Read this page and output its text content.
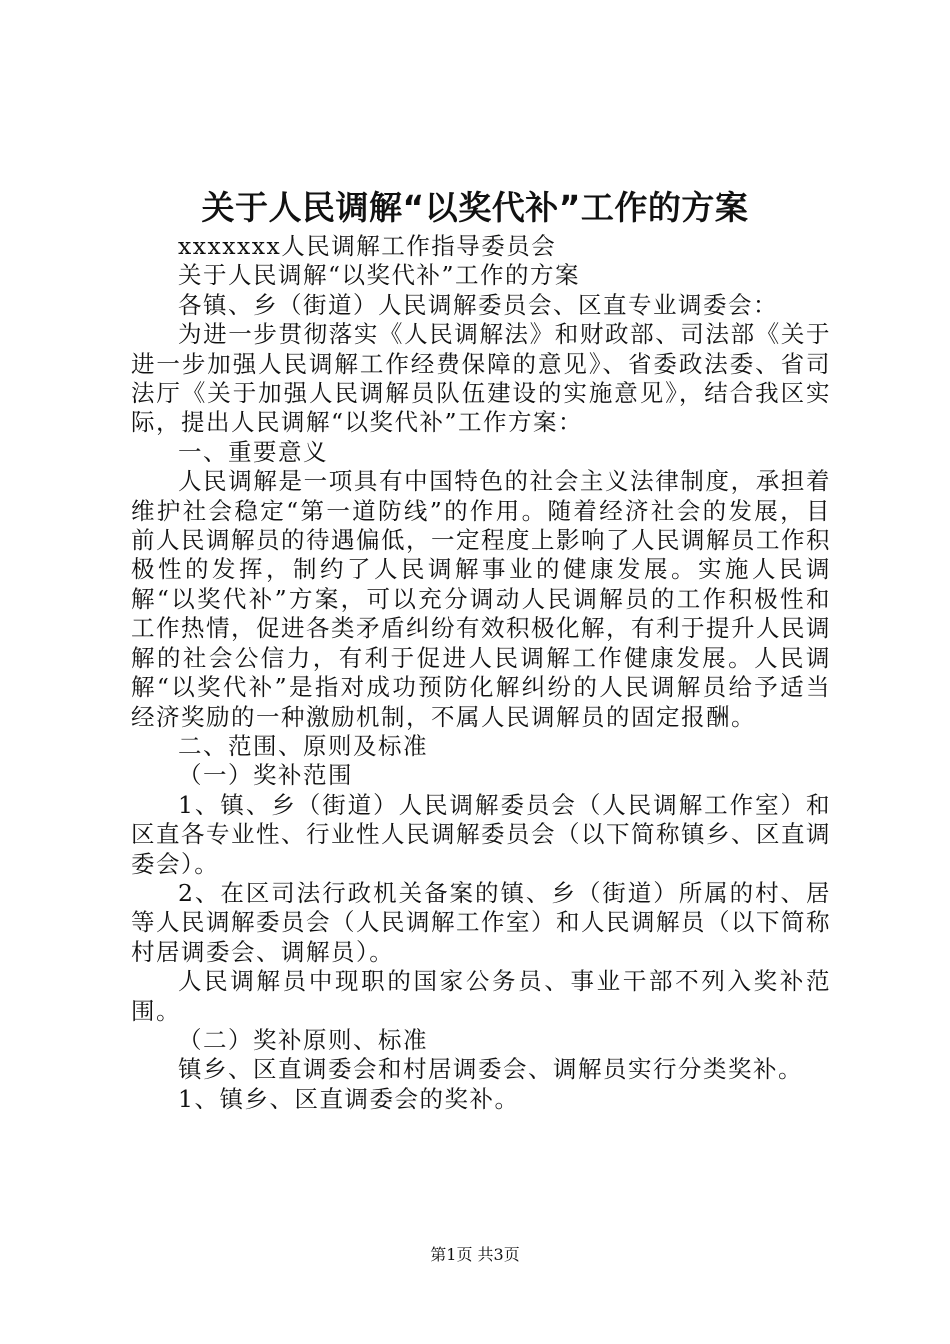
关于人民调解“以奖代补”工作的方案

xxxxxxx人民调解工作指导委员会

关于人民调解“以奖代补”工作的方案

各镇、乡（街道）人民调解委员会、区直专业调委会：

为进一步贯彻落实《人民调解法》和财政部、司法部《关于进一步加强人民调解工作经费保障的意见》、省委政法委、省司法厅《关于加强人民调解员队伍建设的实施意见》，结合我区实际，提出人民调解“以奖代补”工作方案：

一、重要意义

人民调解是一项具有中国特色的社会主义法律制度，承担着维护社会稳定“第一道防线”的作用。随着经济社会的发展，目前人民调解员的待遇偏低，一定程度上影响了人民调解员工作积极性的发挥，制约了人民调解事业的健康发展。实施人民调解“以奖代补”方案，可以充分调动人民调解员的工作积极性和工作热情，促进各类矛盾纠纷有效积极化解，有利于提升人民调解的社会公信力，有利于促进人民调解工作健康发展。人民调解“以奖代补”是指对成功预防化解纠纷的人民调解员给予适当经济奖励的一种激励机制，不属人民调解员的固定报酬。

二、范围、原则及标准

（一）奖补范围

1、镇、乡（街道）人民调解委员会（人民调解工作室）和区直各专业性、行业性人民调解委员会（以下简称镇乡、区直调委会）。

2、在区司法行政机关备案的镇、乡（街道）所属的村、居等人民调解委员会（人民调解工作室）和人民调解员（以下简称村居调委会、调解员）。

人民调解员中现职的国家公务员、事业干部不列入奖补范围。

（二）奖补原则、标准

镇乡、区直调委会和村居调委会、调解员实行分类奖补。

1、镇乡、区直调委会的奖补。

第1页 共3页
